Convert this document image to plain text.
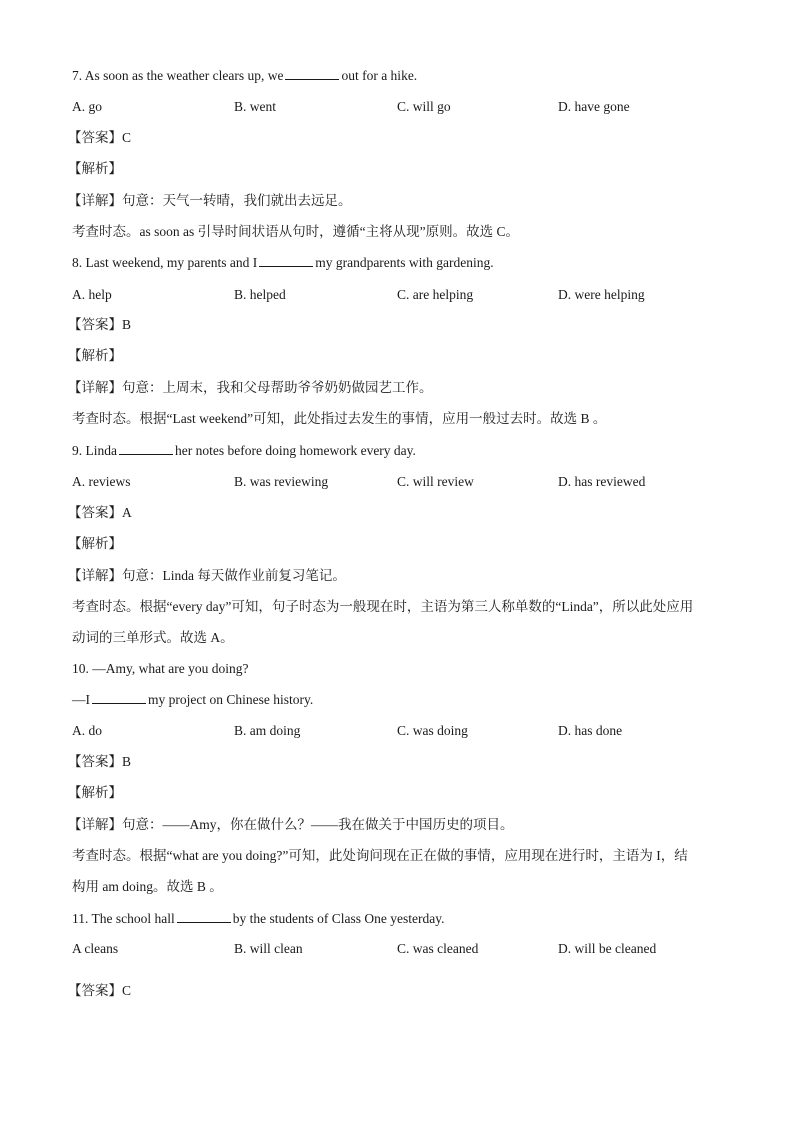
7. As soon as the weather clears up, we	out for a hike.
A. go	B. went	C. will go	D. have gone
【答案】C
【解析】
【详解】句意：天气一转晴，我们就出去远足。
考查时态。as soon as 引导时间状语从句时，遵循“主将从现”原则。故选 C。
8. Last weekend, my parents and I	my grandparents with gardening.
A. help	B. helped	C. are helping	D. were helping
【答案】B
【解析】
【详解】句意：上周末，我和父母帮助爷爷奶奶做园艺工作。
考查时态。根据“Last weekend”可知，此处指过去发生的事情，应用一般过去时。故选 B 。
9. Linda	her notes before doing homework every day.
A. reviews	B. was reviewing	C. will review	D. has reviewed
【答案】A
【解析】
【详解】句意：Linda 每天做作业前复习笔记。
考查时态。根据“every day”可知，句子时态为一般现在时，主语为第三人称单数的“Linda”，所以此处应用
动词的三单形式。故选 A。
10. —Amy, what are you doing?
—I	my project on Chinese history.
A. do	B. am doing	C. was doing	D. has done
【答案】B
【解析】
【详解】句意：——Amy，你在做什么？——我在做关于中国历史的项目。
考查时态。根据“what are you doing?”可知，此处询问现在正在做的事情，应用现在进行时，主语为 I，结
构用 am doing。故选 B 。
11. The school hall	by the students of Class One yesterday.
A cleans	B. will clean	C. was cleaned	D. will be cleaned
【答案】C
